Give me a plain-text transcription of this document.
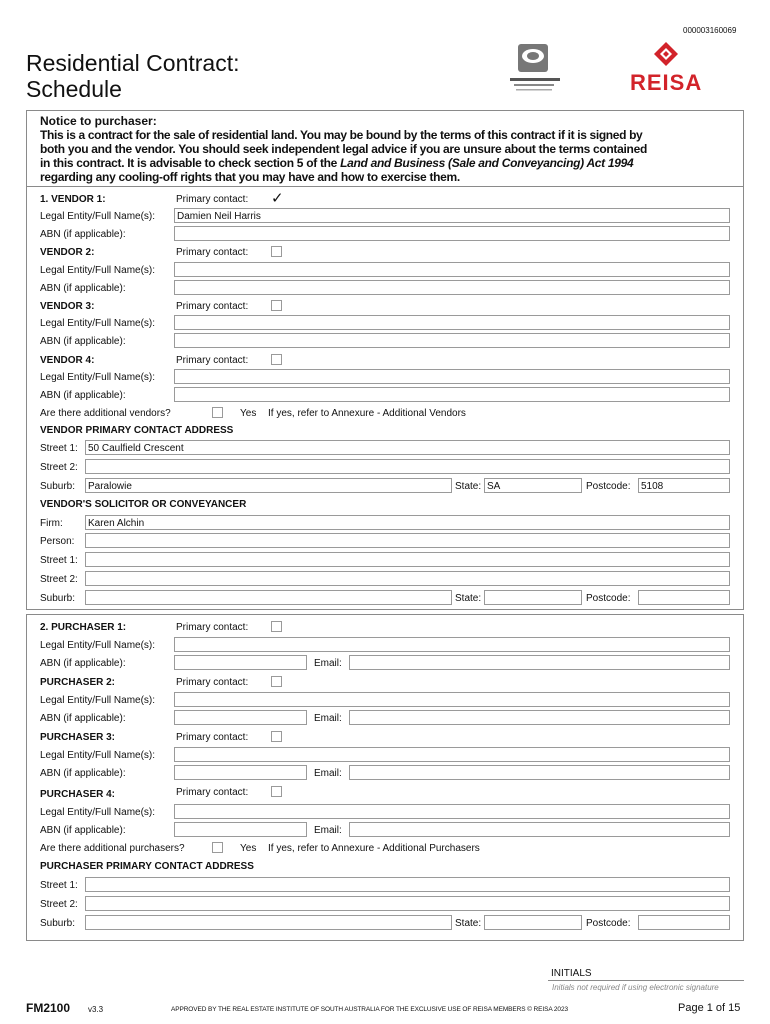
000003160069
Residential Contract:
Schedule	REISA
Notice to purchaser:
This is a contract for the sale of residential land. You may be bound by the terms of this contract if it is signed by
both you and the vendor. You should seek independent legal advice if you are unsure about the terms contained
in this contract. It is advisable to check section 5 of the Land and Business (Sale and Conveyancing) Act 1994
regarding any cooling-off rights that you may have and how to exercise them.
1. VENDOR 1:	Primary contact: ✓
Legal Entity/Full Name(s):	Damien Neil Harris
ABN (if applicable):
VENDOR 2:	Primary contact:
Legal Entity/Full Name(s):
ABN (if applicable):
VENDOR 3:	Primary contact:
Legal Entity/Full Name(s):
ABN (if applicable):
VENDOR 4:	Primary contact:
Legal Entity/Full Name(s):
ABN (if applicable):
Are there additional vendors?	Yes If yes, refer to Annexure - Additional Vendors
VENDOR PRIMARY CONTACT ADDRESS
Street 1:	50 Caulfield Crescent
Street 2:
Suburb:	Paralowie	State: SA	Postcode:	5108
VENDOR'S SOLICITOR OR CONVEYANCER
Firm:	Karen Alchin
Person:
Street 1:
Street 2:
Suburb:	State:	Postcode:
2. PURCHASER 1:	Primary contact:
Legal Entity/Full Name(s):
ABN (if applicable):	Email:
PURCHASER 2:	Primary contact:
Legal Entity/Full Name(s):
ABN (if applicable):	Email:
PURCHASER 3:	Primary contact:
Legal Entity/Full Name(s):
ABN (if applicable):	Email:
PURCHASER 4:	Primary contact:
Legal Entity/Full Name(s):
ABN (if applicable):	Email:
Are there additional purchasers?	Yes If yes, refer to Annexure - Additional Purchasers
PURCHASER PRIMARY CONTACT ADDRESS
Street 1:
Street 2:
Suburb:	State:	Postcode:
INITIALS
Initials not required if using electronic signature
FM2100 v3.3	APPROVED BY THE REAL ESTATE INSTITUTE OF SOUTH AUSTRALIA FOR THE EXCLUSIVE USE OF REISA MEMBERS © REISA 2023	Page 1 of 15
